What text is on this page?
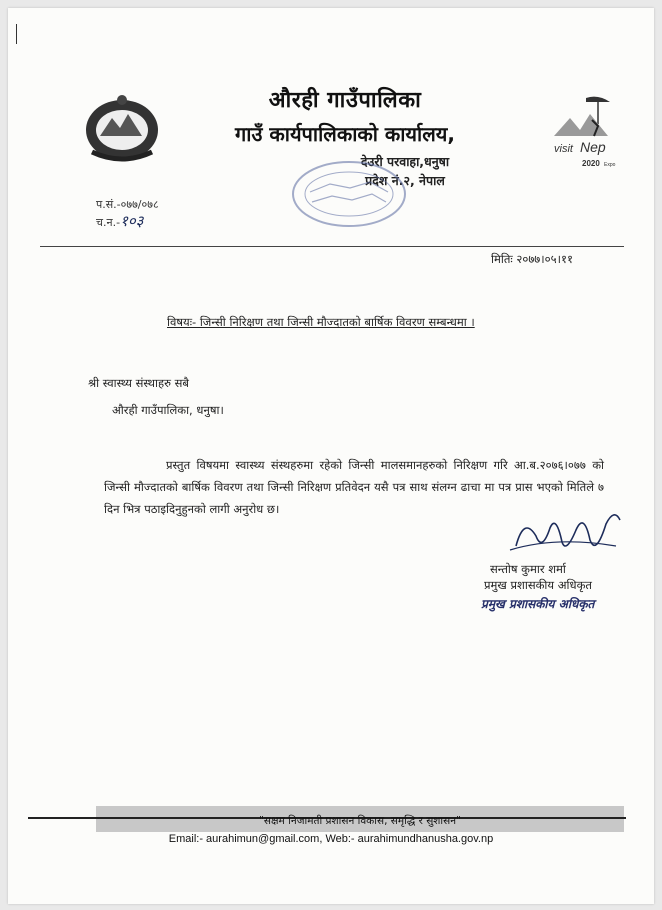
औरही गाउँपालिका
गाउँ कार्यपालिकाको कार्यालय,
देउरी परवाहा,धनुषा
प्रदेश नं.२, नेपाल
visit Nep
2020 Expo
प.सं.-०७७/०७८
च.न.-१०३
मितिः २०७७।०५।११
विषयः- जिन्सी निरिक्षण तथा जिन्सी मौज्दातको बार्षिक विवरण सम्बन्धमा ।
श्री स्वास्थ्य संस्थाहरु सबै
औरही गाउँपालिका, धनुषा।
प्रस्तुत विषयमा स्वास्थ्य संस्थहरुमा रहेको जिन्सी मालसमानहरुको निरिक्षण गरि आ.ब.२०७६।०७७ को जिन्सी मौज्दातको बार्षिक विवरण तथा जिन्सी निरिक्षण प्रतिवेदन यसै पत्र साथ संलग्न ढाचा मा पत्र प्रास भएको मितिले ७ दिन भित्र पठाइदिनुहुनको लागी अनुरोध छ।
सन्तोष कुमार शर्मा
प्रमुख प्रशासकीय अधिकृत
प्रमुख प्रशासकीय अधिकृत
"सक्षम निजामती प्रशासन विकास, समृद्धि र सुशासन"
Email:- aurahimun@gmail.com, Web:- aurahimundhanusha.gov.np
